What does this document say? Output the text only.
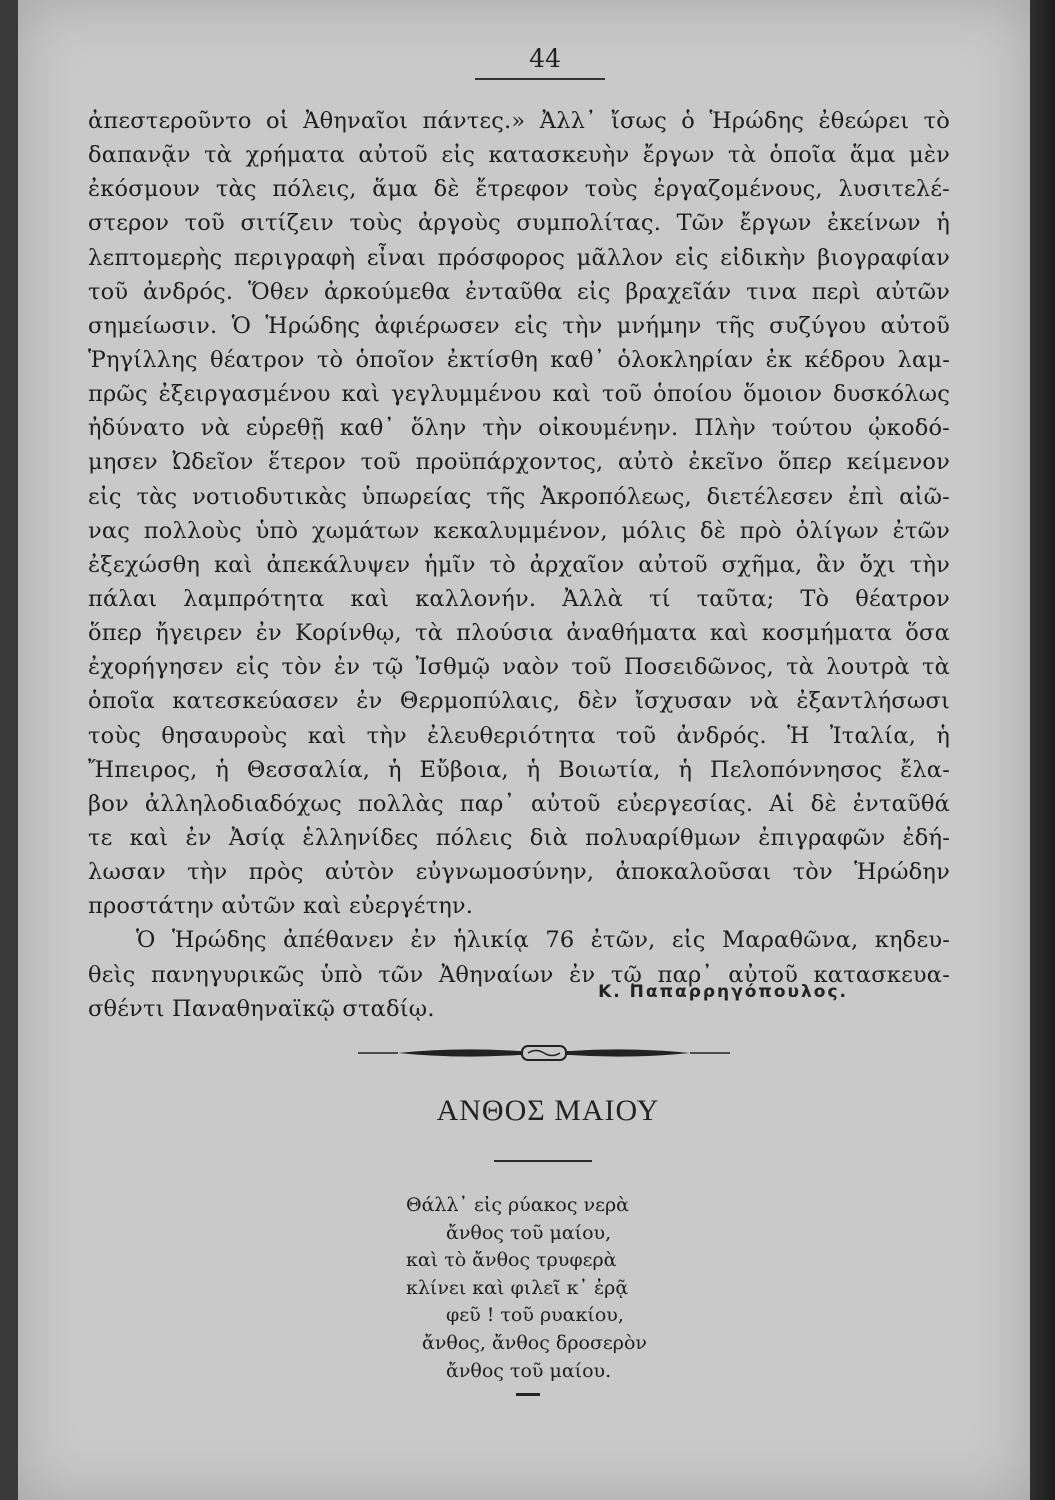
44
ἀπεστεροῦντο οἱ Ἀθηναῖοι πάντες.» Ἀλλ᾽ ἴσως ὁ Ἡρώδης ἐθεώρει τὸ
δαπανᾷν τὰ χρήματα αὐτοῦ εἰς κατασκευὴν ἔργων τὰ ὁποῖα ἅμα μὲν
ἐκόσμουν τὰς πόλεις, ἅμα δὲ ἔτρεφον τοὺς ἐργαζομένους, λυσιτελέ-
στερον τοῦ σιτίζειν τοὺς ἀργοὺς συμπολίτας. Τῶν ἔργων ἐκείνων ἡ
λεπτομερὴς περιγραφὴ εἶναι πρόσφορος μᾶλλον εἰς εἰδικὴν βιογραφίαν
τοῦ ἀνδρός. Ὅθεν ἀρκούμεθα ἐνταῦθα εἰς βραχεῖάν τινα περὶ αὐτῶν
σημείωσιν. Ὁ Ἡρώδης ἀφιέρωσεν εἰς τὴν μνήμην τῆς συζύγου αὐτοῦ
Ῥηγίλλης θέατρον τὸ ὁποῖον ἐκτίσθη καθ᾽ ὁλοκληρίαν ἐκ κέδρου λαμ-
πρῶς ἐξειργασμένου καὶ γεγλυμμένου καὶ τοῦ ὁποίου ὅμοιον δυσκόλως
ἠδύνατο νὰ εὑρεθῇ καθ᾽ ὅλην τὴν οἰκουμένην. Πλὴν τούτου ᾠκοδό-
μησεν Ὠδεῖον ἕτερον τοῦ προϋπάρχοντος, αὐτὸ ἐκεῖνο ὅπερ κείμενον
εἰς τὰς νοτιοδυτικὰς ὑπωρείας τῆς Ἀκροπόλεως, διετέλεσεν ἐπὶ αἰῶ-
νας πολλοὺς ὑπὸ χωμάτων κεκαλυμμένον, μόλις δὲ πρὸ ὀλίγων ἐτῶν
ἐξεχώσθη καὶ ἀπεκάλυψεν ἡμῖν τὸ ἀρχαῖον αὐτοῦ σχῆμα, ἂν ὄχι τὴν
πάλαι λαμπρότητα καὶ καλλονήν. Ἀλλὰ τί ταῦτα; Τὸ θέατρον
ὅπερ ἤγειρεν ἐν Κορίνθῳ, τὰ πλούσια ἀναθήματα καὶ κοσμήματα ὅσα
ἐχορήγησεν εἰς τὸν ἐν τῷ Ἰσθμῷ ναὸν τοῦ Ποσειδῶνος, τὰ λουτρὰ τὰ
ὁποῖα κατεσκεύασεν ἐν Θερμοπύλαις, δὲν ἴσχυσαν νὰ ἐξαντλήσωσι
τοὺς θησαυροὺς καὶ τὴν ἐλευθεριότητα τοῦ ἀνδρός. Ἡ Ἰταλία, ἡ
Ἤπειρος, ἡ Θεσσαλία, ἡ Εὔβοια, ἡ Βοιωτία, ἡ Πελοπόννησος ἔλα-
βον ἀλληλοδιαδόχως πολλὰς παρ᾽ αὐτοῦ εὐεργεσίας. Αἱ δὲ ἐνταῦθά
τε καὶ ἐν Ἀσίᾳ ἑλληνίδες πόλεις διὰ πολυαρίθμων ἐπιγραφῶν ἐδή-
λωσαν τὴν πρὸς αὐτὸν εὐγνωμοσύνην, ἀποκαλοῦσαι τὸν Ἡρώδην
προστάτην αὐτῶν καὶ εὐεργέτην.
Ὁ Ἡρώδης ἀπέθανεν ἐν ἡλικίᾳ 76 ἐτῶν, εἰς Μαραθῶνα, κηδευ-
θεὶς πανηγυρικῶς ὑπὸ τῶν Ἀθηναίων ἐν τῷ παρ᾽ αὐτοῦ κατασκευα-
σθέντι Παναθηναϊκῷ σταδίῳ.
Κ. Παπαρρηγόπουλος.
ΑΝΘΟΣ ΜΑΙΟΥ
Θάλλ᾽ εἰς ρύακος νερὰ
ἄνθος τοῦ μαίου,
καὶ τὸ ἄνθος τρυφερὰ
κλίνει καὶ φιλεῖ κ᾽ ἐρᾷ
φεῦ ! τοῦ ρυακίου,
ἄνθος, ἄνθος δροσερὸν
ἄνθος τοῦ μαίου.
